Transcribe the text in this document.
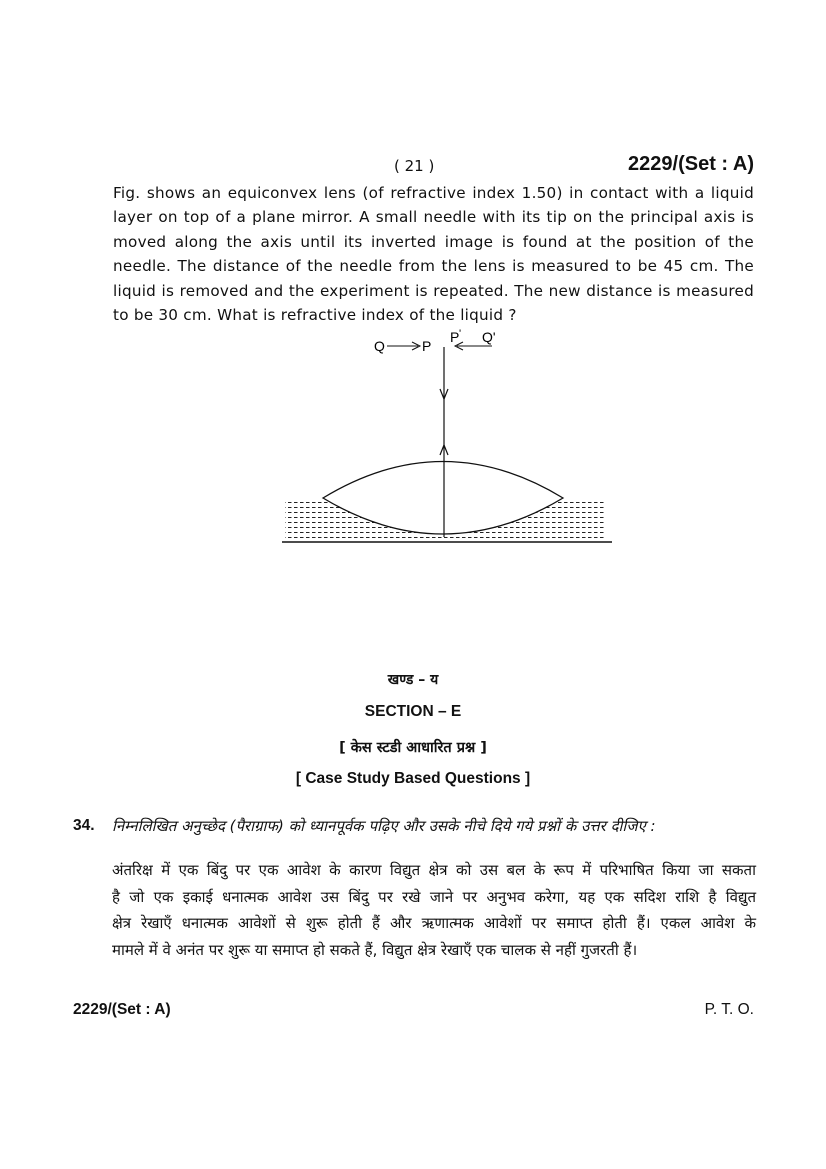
( 21 )	2229/(Set : A)
Fig. shows an equiconvex lens (of refractive index 1.50) in contact with a liquid
layer on top of a plane mirror. A small needle with its tip on the principal axis is
moved along the axis until its inverted image is found at the position of the
needle. The distance of the needle from the lens is measured to be 45 cm. The
liquid is removed and the experiment is repeated. The new distance is measured
to be 30 cm. What is refractive index of the liquid ?
Q	P
P ' Q'
खण्ड – य
SECTION – E
[ केस स्टडी आधारित प्रश्न ]
[ Case Study Based Questions ]
34. निम्नलिखित अनुच्छेद (पैराग्राफ) को ध्यानपूर्वक पढ़िए और उसके नीचे दिये गये प्रश्नों के उत्तर दीजिए :
अंतरिक्ष में एक बिंदु पर एक आवेश के कारण विद्युत क्षेत्र को उस बल के रूप में परिभाषित किया जा सकता
है जो एक इकाई धनात्मक आवेश उस बिंदु पर रखे जाने पर अनुभव करेगा, यह एक सदिश राशि है विद्युत
क्षेत्र रेखाएँ धनात्मक आवेशों से शुरू होती हैं और ऋणात्मक आवेशों पर समाप्त होती हैं। एकल आवेश के
मामले में वे अनंत पर शुरू या समाप्त हो सकते हैं, विद्युत क्षेत्र रेखाएँ एक चालक से नहीं गुजरती हैं।
2229/(Set : A)	P. T. O.
